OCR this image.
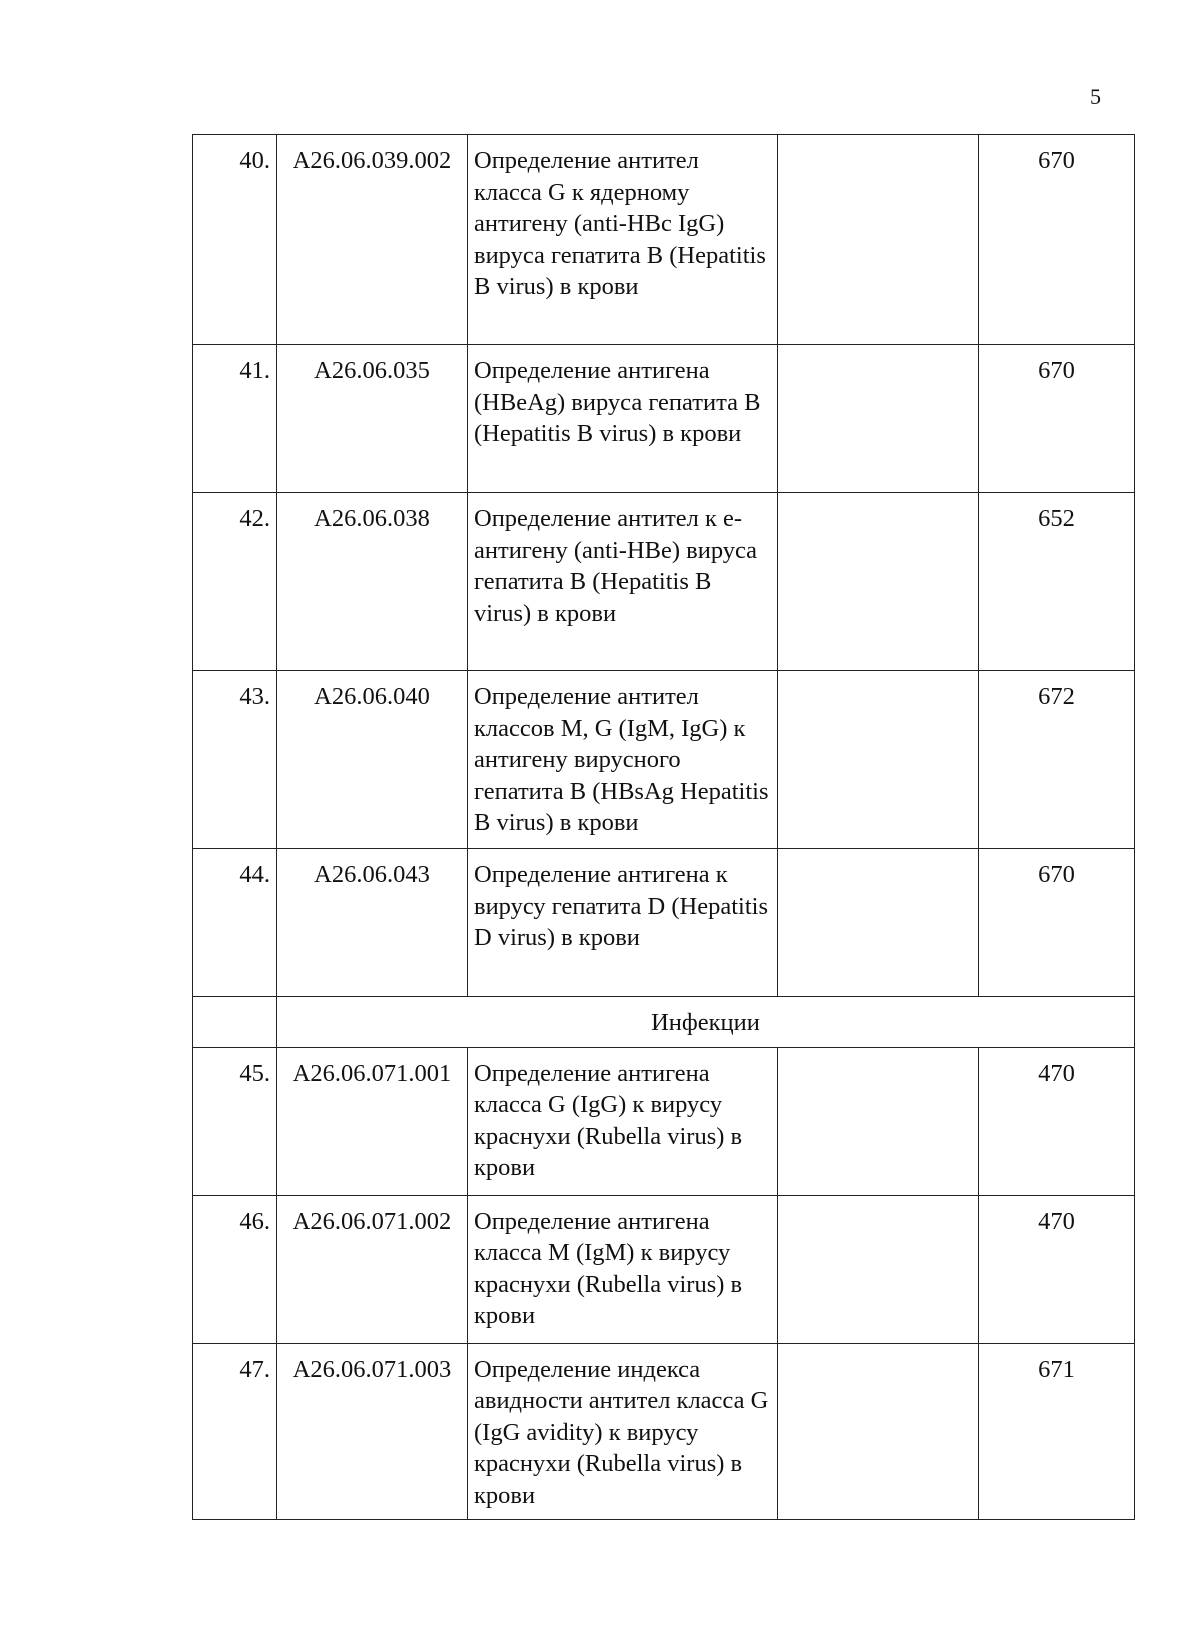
5
40.	A26.06.039.002	Определение антител класса G к ядерному антигену (anti-HBc IgG) вируса гепатита B (Hepatitis B virus) в крови		670
41.	A26.06.035	Определение антигена (HBeAg) вируса гепатита B (Hepatitis B virus) в крови		670
42.	A26.06.038	Определение антител к e-антигену (anti-HBe) вируса гепатита B (Hepatitis B virus) в крови		652
43.	A26.06.040	Определение антител классов M, G (IgM, IgG) к антигену вирусного гепатита B (HBsAg Hepatitis B virus) в крови		672
44.	A26.06.043	Определение антигена к вирусу гепатита D (Hepatitis D virus) в крови		670
	Инфекции			
45.	A26.06.071.001	Определение антигена класса G (IgG) к вирусу краснухи (Rubella virus) в крови		470
46.	A26.06.071.002	Определение антигена класса M (IgM) к вирусу краснухи (Rubella virus) в крови		470
47.	A26.06.071.003	Определение индекса авидности антител класса G (IgG avidity) к вирусу краснухи (Rubella virus) в крови		671
